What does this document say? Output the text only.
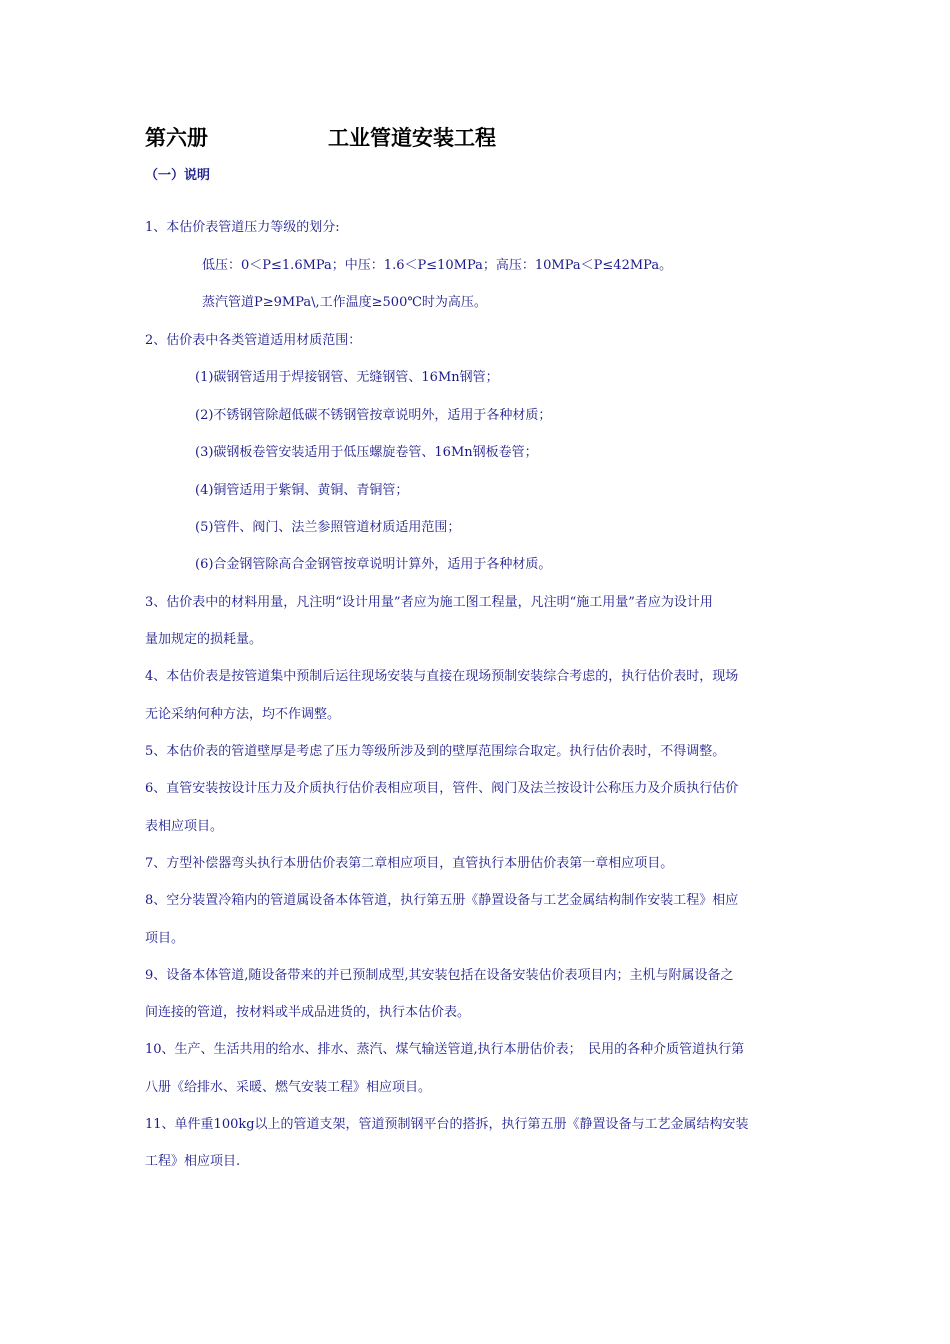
第六册	工业管道安装工程
（一）说明
1、本估价表管道压力等级的划分:
低压：0＜P≤1.6MPa；中压：1.6＜P≤10MPa；高压：10MPa＜P≤42MPa。
蒸汽管道P≥9MPa\,工作温度≥500℃时为高压。
2、估价表中各类管道适用材质范围：
(1)碳钢管适用于焊接钢管、无缝钢管、16Mn钢管；
(2)不锈钢管除超低碳不锈钢管按章说明外，适用于各种材质；
(3)碳钢板卷管安装适用于低压螺旋卷管、16Mn钢板卷管；
(4)铜管适用于紫铜、黄铜、青铜管；
(5)管件、阀门、法兰参照管道材质适用范围；
(6)合金钢管除高合金钢管按章说明计算外，适用于各种材质。
3、估价表中的材料用量，凡注明“设计用量”者应为施工图工程量，凡注明“施工用量”者应为设计用
量加规定的损耗量。
4、本估价表是按管道集中预制后运往现场安装与直接在现场预制安装综合考虑的，执行估价表时，现场
无论采纳何种方法，均不作调整。
5、本估价表的管道壁厚是考虑了压力等级所涉及到的壁厚范围综合取定。执行估价表时，不得调整。
6、直管安装按设计压力及介质执行估价表相应项目，管件、阀门及法兰按设计公称压力及介质执行估价
表相应项目。
7、方型补偿器弯头执行本册估价表第二章相应项目，直管执行本册估价表第一章相应项目。
8、空分装置冷箱内的管道属设备本体管道，执行第五册《静置设备与工艺金属结构制作安装工程》相应
项目。
9、设备本体管道,随设备带来的并已预制成型,其安装包括在设备安装估价表项目内；主机与附属设备之
间连接的管道，按材料或半成品进货的，执行本估价表。
10、生产、生活共用的给水、排水、蒸汽、煤气输送管道,执行本册估价表；　民用的各种介质管道执行第
八册《给排水、采暖、燃气安装工程》相应项目。
11、单件重100kg以上的管道支架，管道预制钢平台的搭拆，执行第五册《静置设备与工艺金属结构安装
工程》相应项目.
